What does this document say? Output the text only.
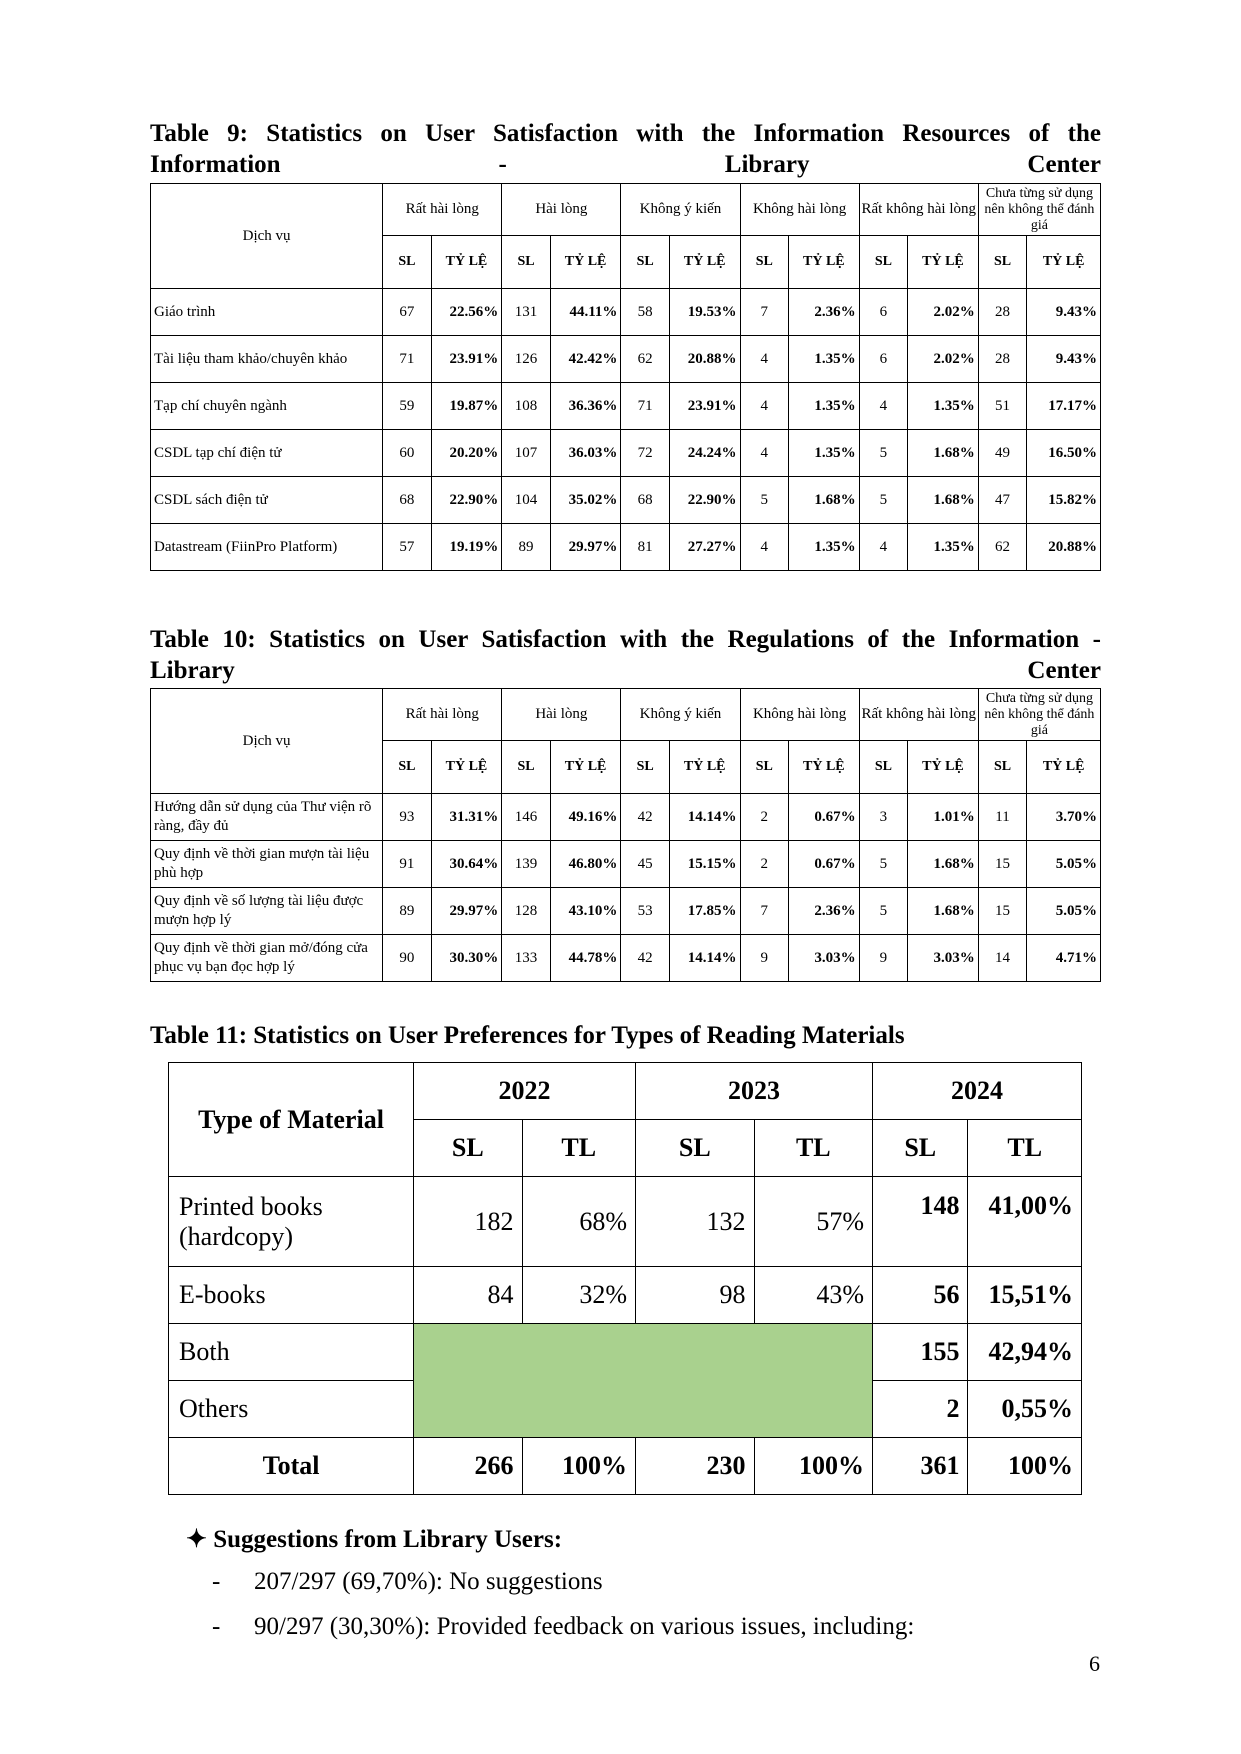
Table 9: Statistics on User Satisfaction with the Information Resources of the

Information	-	Library	Center

Dịch vụ	Rất hài lòng		Hài lòng		Không ý kiến		Không hài lòng		Rất không hài lòng		Chưa từng sử dụng nên không thể đánh giá	
	SL	TỶ LỆ	SL	TỶ LỆ	SL	TỶ LỆ	SL	TỶ LỆ	SL	TỶ LỆ	SL	TỶ LỆ
Giáo trình	67	22.56%	131	44.11%	58	19.53%	7	2.36%	6	2.02%	28	9.43%
Tài liệu tham khảo/chuyên khảo	71	23.91%	126	42.42%	62	20.88%	4	1.35%	6	2.02%	28	9.43%
Tạp chí chuyên ngành	59	19.87%	108	36.36%	71	23.91%	4	1.35%	4	1.35%	51	17.17%
CSDL tạp chí điện tử	60	20.20%	107	36.03%	72	24.24%	4	1.35%	5	1.68%	49	16.50%
CSDL sách điện tử	68	22.90%	104	35.02%	68	22.90%	5	1.68%	5	1.68%	47	15.82%
Datastream (FiinPro Platform)	57	19.19%	89	29.97%	81	27.27%	4	1.35%	4	1.35%	62	20.88%

Table 10: Statistics on User Satisfaction with the Regulations of the Information -

Library	Center

Dịch vụ	Rất hài lòng		Hài lòng		Không ý kiến		Không hài lòng		Rất không hài lòng		Chưa từng sử dụng nên không thể đánh giá	
	SL	TỶ LỆ	SL	TỶ LỆ	SL	TỶ LỆ	SL	TỶ LỆ	SL	TỶ LỆ	SL	TỶ LỆ
Hướng dẫn sử dụng của Thư viện rõ ràng, đầy đủ	93	31.31%	146	49.16%	42	14.14%	2	0.67%	3	1.01%	11	3.70%
Quy định về thời gian mượn tài liệu phù hợp	91	30.64%	139	46.80%	45	15.15%	2	0.67%	5	1.68%	15	5.05%
Quy định về số lượng tài liệu được mượn hợp lý	89	29.97%	128	43.10%	53	17.85%	7	2.36%	5	1.68%	15	5.05%
Quy định về thời gian mở/đóng cửa phục vụ bạn đọc hợp lý	90	30.30%	133	44.78%	42	14.14%	9	3.03%	9	3.03%	14	4.71%

Table 11: Statistics on User Preferences for Types of Reading Materials

Type of Material	2022		2023		2024	
	SL	TL	SL	TL	SL	TL
Printed books (hardcopy)	182	68%	132	57%	148	41,00%
E-books	84	32%	98	43%	56	15,51%
Both					155	42,94%
Others					2	0,55%
Total	266	100%	230	100%	361	100%

✦ Suggestions from Library Users:

- 207/297 (69,70%): No suggestions

- 90/297 (30,30%): Provided feedback on various issues, including:

6
